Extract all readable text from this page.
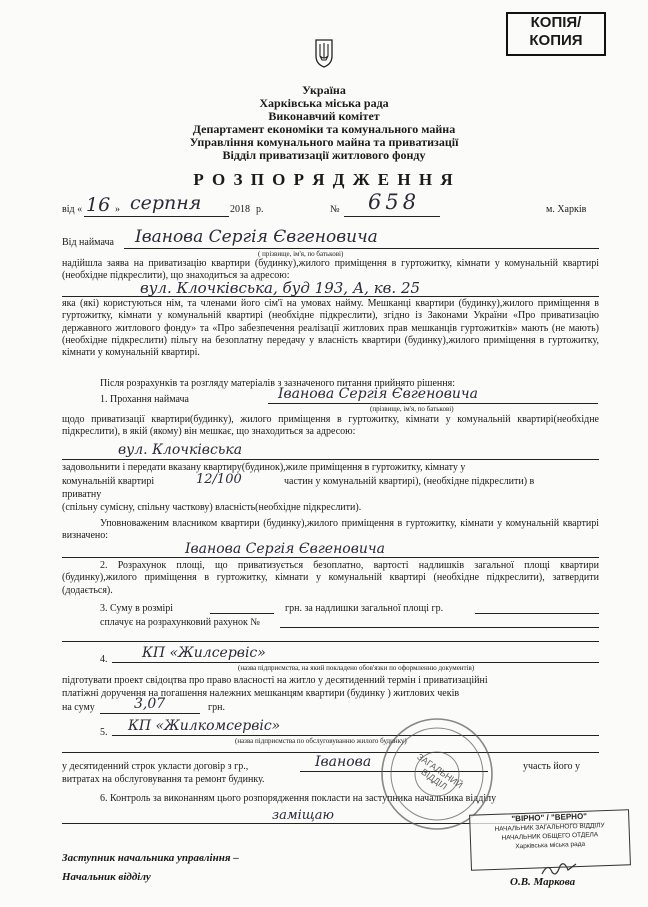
КОПІЯ/
КОПИЯ
Україна
Харківська міська рада
Виконавчий комітет
Департамент економіки та комунального майна
Управління комунального майна та приватизації
Відділ приватизації житлового фонду
Р О З П О Р Я Д Ж Е Н Н Я
від « 16 » серпня	2018 р.	№ 658	м. Харків
Від наймача Іванова Сергія Євгеновича
( прізвище, ім'я, по батькові)
надійшла заява на приватизацію квартири (будинку),жилого приміщення в гуртожитку, кімнати у комунальній квартирі (необхідне підкреслити), що знаходиться за адресою:
вул. Клочківська, буд 193, А, кв. 25
яка (які) користуються нім, та членами його сім'ї на умовах найму. Мешканці квартири (будинку),жилого приміщення в гуртожитку, кімнати у комунальній квартирі (необхідне підкреслити), згідно із Законами України «Про приватизацію державного житлового фонду» та «Про забезпечення реалізації житлових прав мешканців гуртожитків» мають (не мають) (необхідне підкреслити) пільгу на безоплатну передачу у власність квартири (будинку),жилого приміщення в гуртожитку, кімнати у комунальній квартирі.
Після розрахунків та розгляду матеріалів з зазначеного питання прийнято рішення:
1. Прохання наймача	Іванова Сергія Євгеновича
(прізвище, ім'я, по батькові)
щодо приватизації квартири(будинку), жилого приміщення в гуртожитку, кімнати у комунальній квартирі(необхідне підкреслити), в якій (якому) він мешкає, що знаходиться за адресою:
вул. Клочківська
задовольнити і передати вказану квартиру(будинок),жиле приміщення в гуртожитку, кімнату у
комунальній квартирі	12/100	частин у комунальній квартирі), (необхідне підкреслити) в
приватну
(спільну сумісну, спільну часткову) власність(необхідне підкреслити).
Уповноваженим власником квартири (будинку),жилого приміщення в гуртожитку, кімнати у комунальній квартирі визначено:
Іванова Сергія Євгеновича
2. Розрахунок площі, що приватизується безоплатно, вартості надлишків загальної площі квартири (будинку),жилого приміщення в гуртожитку, кімнати у комунальній квартирі (необхідне підкреслити), затвердити (додається).
3. Суму в розмірі	грн. за надлишки загальної площі гр.
сплачує на розрахунковий рахунок №
4. КП «Жилсервіс»
(назва підприємства, на який покладено обов'язки по оформленню документів)
підготувати проект свідоцтва про право власності на житло у десятиденний термін і приватизаційні
платіжні доручення на погашення належних мешканцям квартири (будинку ) житлових чеків
на суму	3,07	грн.
5. КП «Жилкомсервіс»
(назва підприємства по обслуговуванню жилого будинку)
у десятиденний строк укласти договір з гр.,	Іванова	участь його у
витратах на обслуговування та ремонт будинку.
6. Контроль за виконанням цього розпорядження покласти на заступника начальника відділу
заміщаю
Заступник начальника управління –
Начальник відділу	О.В. Маркова
ЗАГАЛЬНИЙ ВІДДІЛ
"ВІРНО" / "ВЕРНО"
НАЧАЛЬНИК ЗАГАЛЬНОГО ВІДДІЛУ
НАЧАЛЬНИК ОБЩЕГО ОТДЕЛА
Харківська міська рада
